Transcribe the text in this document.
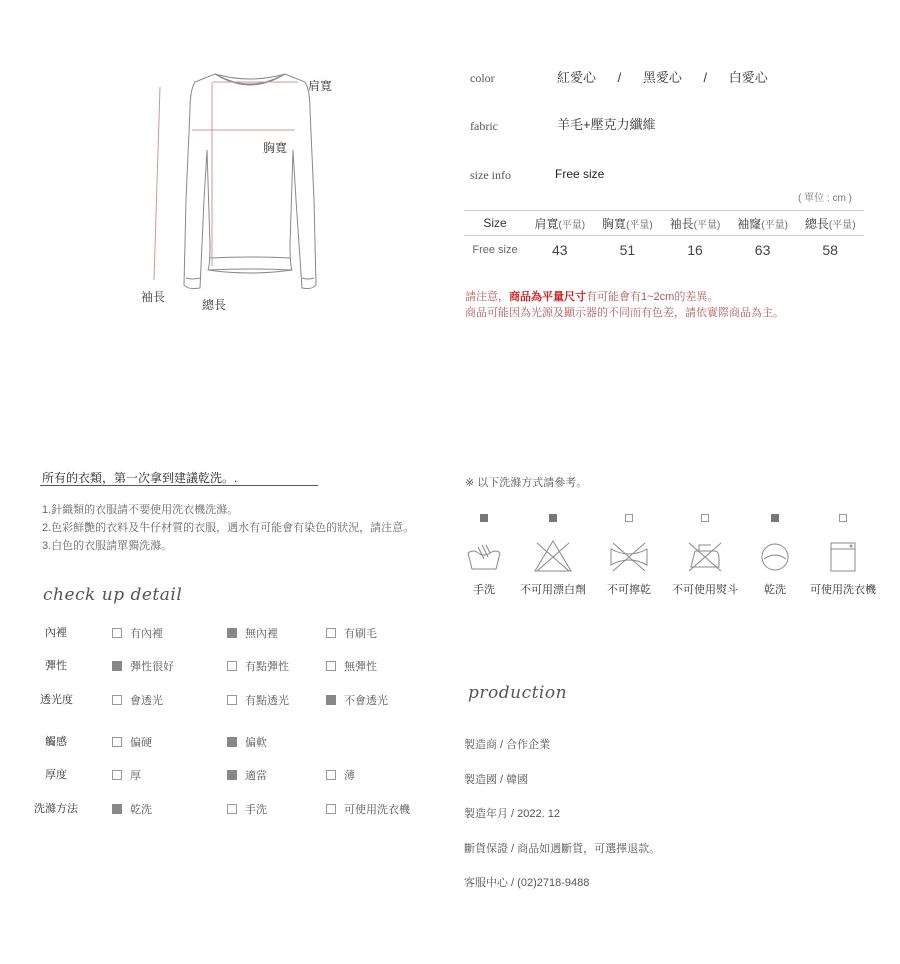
肩寬
胸寬
袖長
總長
color	紅愛心 / 黑愛心 / 白愛心
fabric	羊毛+壓克力纖維
size info	Free size
( 單位 : cm )
Size	肩寬(平量)	胸寬(平量)	袖長(平量)	袖窿(平量)	總長(平量)
Free size	43	51	16	63	58
請注意，商品為平量尺寸有可能會有1~2cm的差異。
商品可能因為光源及顯示器的不同而有色差，請依實際商品為主。
所有的衣類，第一次拿到建議乾洗。.
1.針織類的衣服請不要使用洗衣機洗滌。
2.色彩鮮艷的衣料及牛仔材質的衣服，遇水有可能會有染色的狀況，請注意。
3.白色的衣服請單獨洗滌。
check up detail
內裡	有內裡	無內裡	有刷毛
彈性	彈性很好	有點彈性	無彈性
透光度	會透光	有點透光	不會透光
觸感	偏硬	偏軟
厚度	厚	適當	薄
洗滌方法	乾洗	手洗	可使用洗衣機
※ 以下洗滌方式請參考。
手洗	不可用漂白劑	不可擰乾	不可使用熨斗	乾洗	可使用洗衣機
production
製造商 / 合作企業
製造國 / 韓國
製造年月 / 2022. 12
斷貨保證 / 商品如遇斷貨，可選擇退款。
客服中心 / (02)2718-9488
